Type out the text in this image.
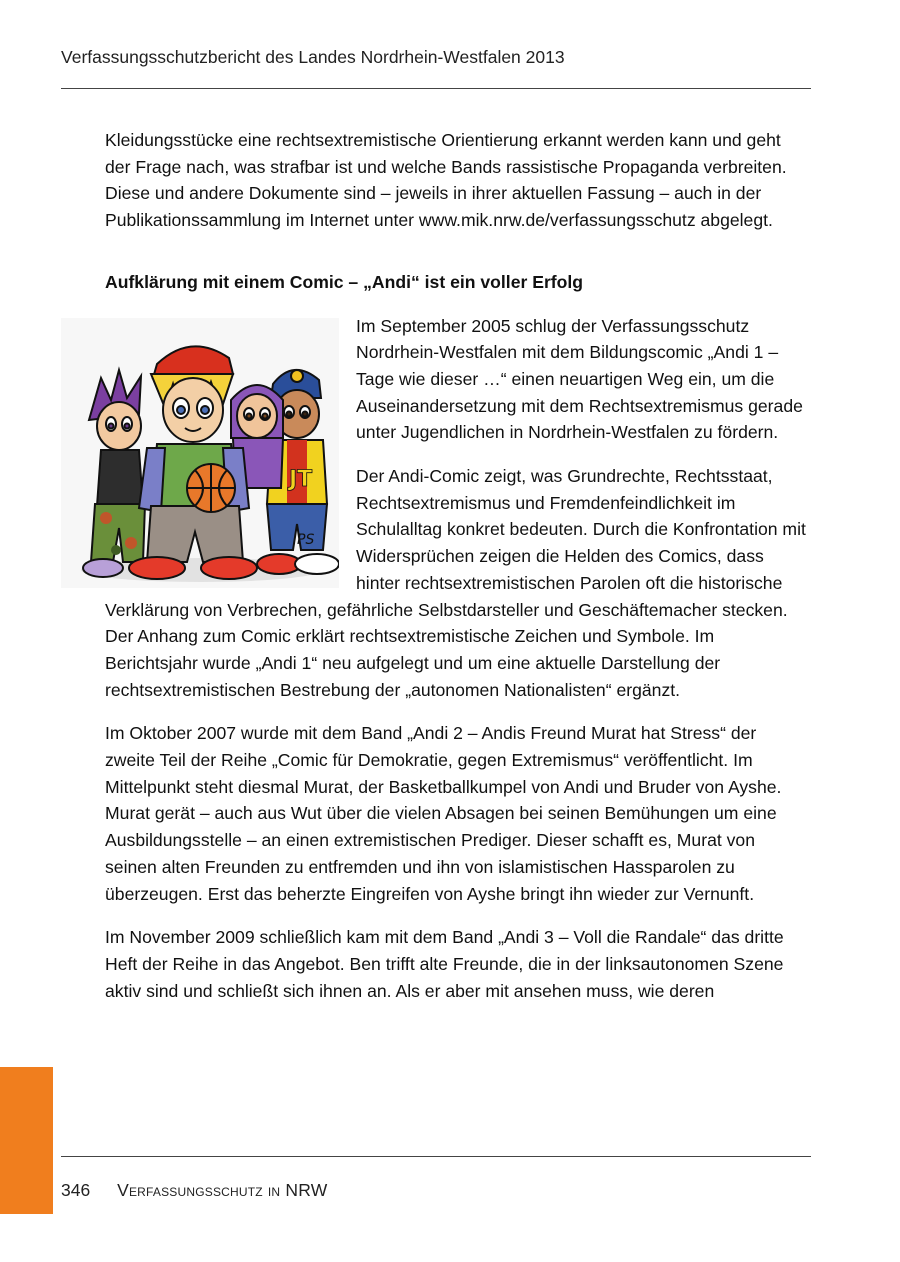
Verfassungsschutzbericht des Landes Nordrhein-Westfalen 2013

Kleidungsstücke eine rechtsextremistische Orientierung erkannt werden kann und geht der Frage nach, was strafbar ist und welche Bands rassistische Propaganda verbreiten. Diese und andere Dokumente sind – jeweils in ihrer aktuellen Fassung – auch in der Publikationssammlung im Internet unter www.mik.nrw.de/verfassungsschutz abgelegt.

Aufklärung mit einem Comic – „Andi“ ist ein voller Erfolg

JT
PS

Im September 2005 schlug der Verfassungsschutz Nordrhein-Westfalen mit dem Bildungscomic „Andi 1 – Tage wie dieser …“ einen neuartigen Weg ein, um die Auseinandersetzung mit dem Rechtsextremismus gerade unter Jugendlichen in Nordrhein-Westfalen zu fördern.

Der Andi-Comic zeigt, was Grundrechte, Rechtsstaat, Rechtsextremismus und Fremdenfeindlichkeit im Schulalltag konkret bedeuten. Durch die Konfrontation mit Widersprüchen zeigen die Helden des Comics, dass hinter rechtsextremistischen Parolen oft die historische Verklärung von Verbrechen, gefährliche Selbstdarsteller und Geschäftemacher stecken. Der Anhang zum Comic erklärt rechtsextremistische Zeichen und Symbole. Im Berichtsjahr wurde „Andi 1“ neu aufgelegt und um eine aktuelle Darstellung der rechtsextremistischen Bestrebung der „autonomen Nationalisten“ ergänzt.

Im Oktober 2007 wurde mit dem Band „Andi 2 – Andis Freund Murat hat Stress“ der zweite Teil der Reihe „Comic für Demokratie, gegen Extremismus“ veröffentlicht. Im Mittelpunkt steht diesmal Murat, der Basketballkumpel von Andi und Bruder von Ayshe. Murat gerät – auch aus Wut über die vielen Absagen bei seinen Bemühungen um eine Ausbildungsstelle – an einen extremistischen Prediger. Dieser schafft es, Murat von seinen alten Freunden zu entfremden und ihn von islamistischen Hassparolen zu überzeugen. Erst das beherzte Eingreifen von Ayshe bringt ihn wieder zur Vernunft.

Im November 2009 schließlich kam mit dem Band „Andi 3 – Voll die Randale“ das dritte Heft der Reihe in das Angebot. Ben trifft alte Freunde, die in der linksautonomen Szene aktiv sind und schließt sich ihnen an. Als er aber mit ansehen muss, wie deren

346 Verfassungsschutz in NRW
